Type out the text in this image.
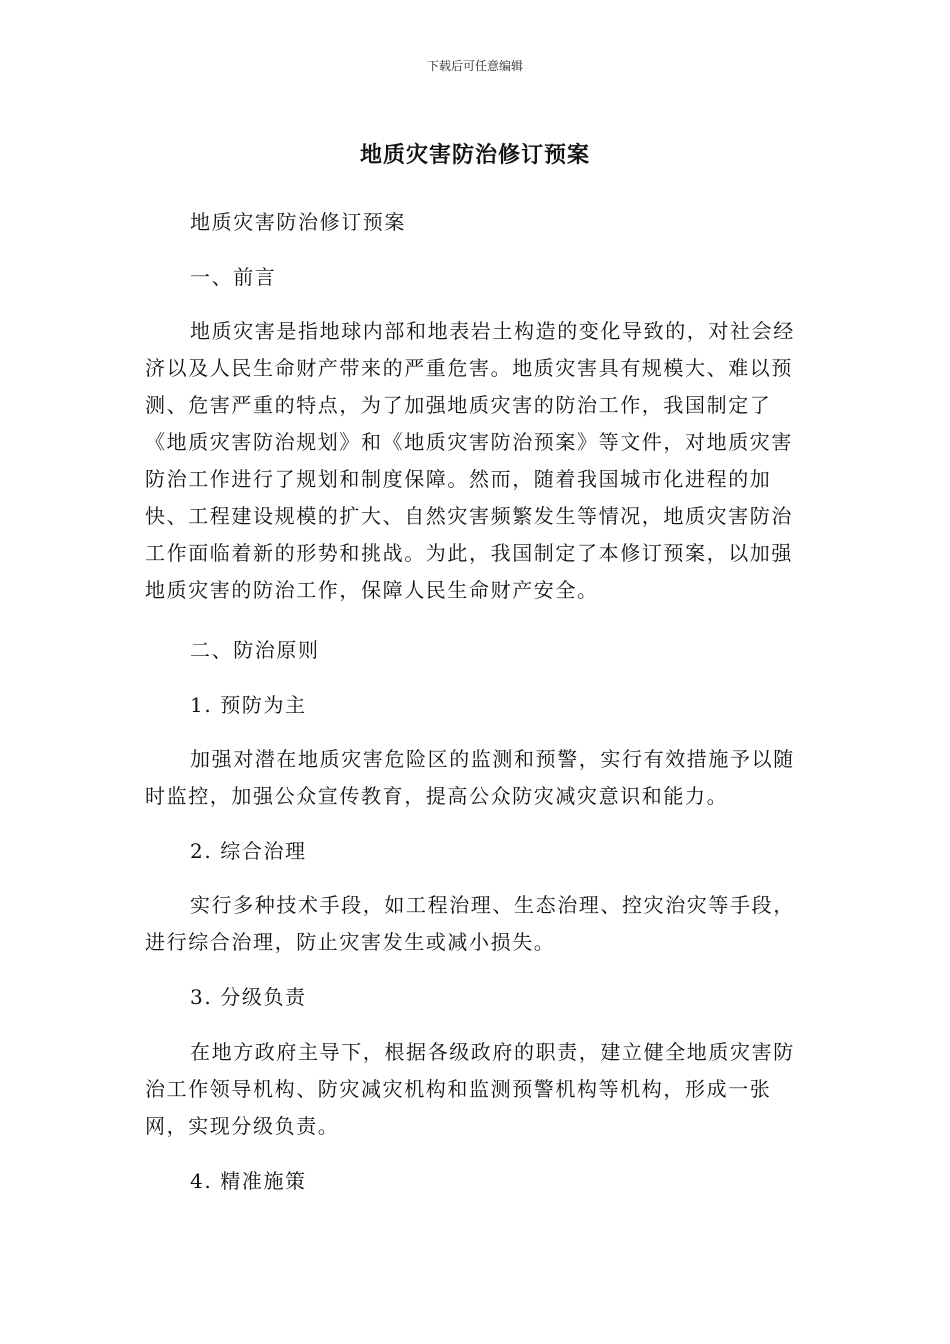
下载后可任意编辑
地质灾害防治修订预案

地质灾害防治修订预案

一、前言

地质灾害是指地球内部和地表岩土构造的变化导致的，对社会经济以及人民生命财产带来的严重危害。地质灾害具有规模大、难以预测、危害严重的特点，为了加强地质灾害的防治工作，我国制定了《地质灾害防治规划》和《地质灾害防治预案》等文件，对地质灾害防治工作进行了规划和制度保障。然而，随着我国城市化进程的加快、工程建设规模的扩大、自然灾害频繁发生等情况，地质灾害防治工作面临着新的形势和挑战。为此，我国制定了本修订预案，以加强地质灾害的防治工作，保障人民生命财产安全。

二、防治原则

1. 预防为主

加强对潜在地质灾害危险区的监测和预警，实行有效措施予以随时监控，加强公众宣传教育，提高公众防灾减灾意识和能力。

2. 综合治理

实行多种技术手段，如工程治理、生态治理、控灾治灾等手段，进行综合治理，防止灾害发生或减小损失。

3. 分级负责

在地方政府主导下，根据各级政府的职责，建立健全地质灾害防治工作领导机构、防灾减灾机构和监测预警机构等机构，形成一张网，实现分级负责。

4. 精准施策
